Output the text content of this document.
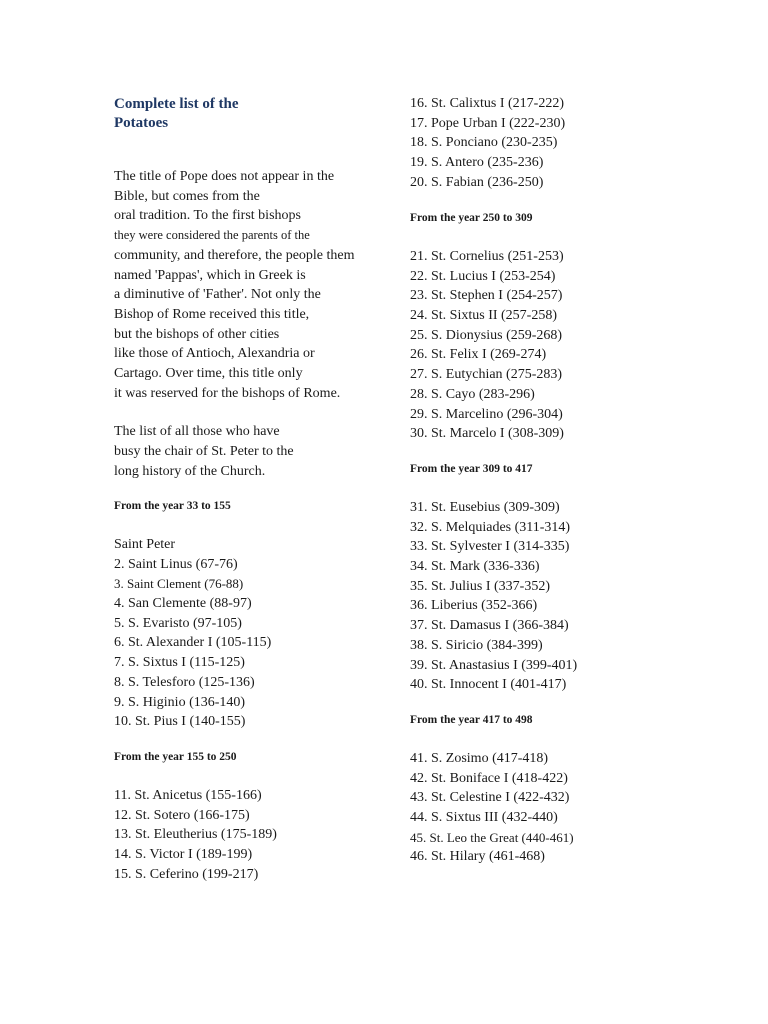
Complete list of the
Potatoes
The title of Pope does not appear in the
Bible, but comes from the
oral tradition. To the first bishops
they were considered the parents of the
community, and therefore, the people them
named 'Pappas', which in Greek is
a diminutive of 'Father'. Not only the
Bishop of Rome received this title,
but the bishops of other cities
like those of Antioch, Alexandria or
Cartago. Over time, this title only
it was reserved for the bishops of Rome.
The list of all those who have
busy the chair of St. Peter to the
long history of the Church.
From the year 33 to 155
Saint Peter
2. Saint Linus (67-76)
3. Saint Clement (76-88)
4. San Clemente (88-97)
5. S. Evaristo (97-105)
6. St. Alexander I (105-115)
7. S. Sixtus I (115-125)
8. S. Telesforo (125-136)
9. S. Higinio (136-140)
10. St. Pius I (140-155)
From the year 155 to 250
11. St. Anicetus (155-166)
12. St. Sotero (166-175)
13. St. Eleutherius (175-189)
14. S. Victor I (189-199)
15. S. Ceferino (199-217)
16. St. Calixtus I (217-222)
17. Pope Urban I (222-230)
18. S. Ponciano (230-235)
19. S. Antero (235-236)
20. S. Fabian (236-250)
From the year 250 to 309
21. St. Cornelius (251-253)
22. St. Lucius I (253-254)
23. St. Stephen I (254-257)
24. St. Sixtus II (257-258)
25. S. Dionysius (259-268)
26. St. Felix I (269-274)
27. S. Eutychian (275-283)
28. S. Cayo (283-296)
29. S. Marcelino (296-304)
30. St. Marcelo I (308-309)
From the year 309 to 417
31. St. Eusebius (309-309)
32. S. Melquiades (311-314)
33. St. Sylvester I (314-335)
34. St. Mark (336-336)
35. St. Julius I (337-352)
36. Liberius (352-366)
37. St. Damasus I (366-384)
38. S. Siricio (384-399)
39. St. Anastasius I (399-401)
40. St. Innocent I (401-417)
From the year 417 to 498
41. S. Zosimo (417-418)
42. St. Boniface I (418-422)
43. St. Celestine I (422-432)
44. S. Sixtus III (432-440)
45. St. Leo the Great (440-461)
46. St. Hilary (461-468)
